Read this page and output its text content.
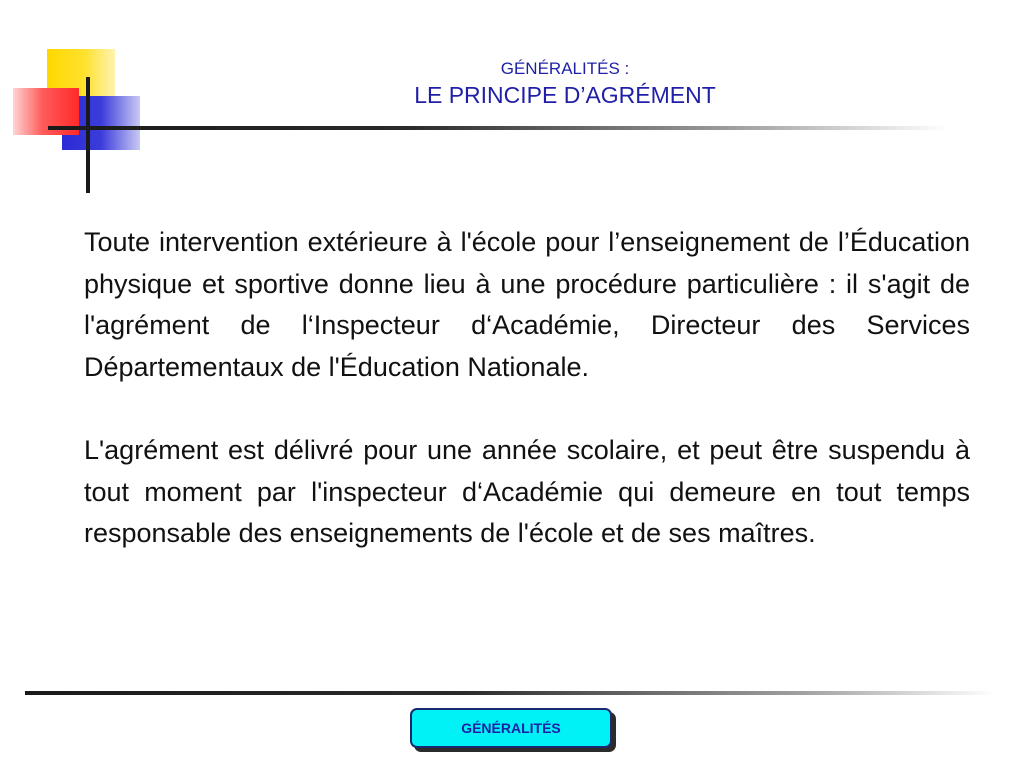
GÉNÉRALITÉS :
LE PRINCIPE D’AGRÉMENT

Toute intervention extérieure à l'école pour l’enseignement de l’Éducation physique et sportive donne lieu à une procédure particulière : il s'agit de l'agrément de l‘Inspecteur d‘Académie, Directeur des Services Départementaux de l'Éducation Nationale.

L'agrément est délivré pour une année scolaire, et peut être suspendu à tout moment par l'inspecteur d‘Académie qui demeure en tout temps responsable des enseignements de l'école et de ses maîtres.

GÉNÉRALITÉS
